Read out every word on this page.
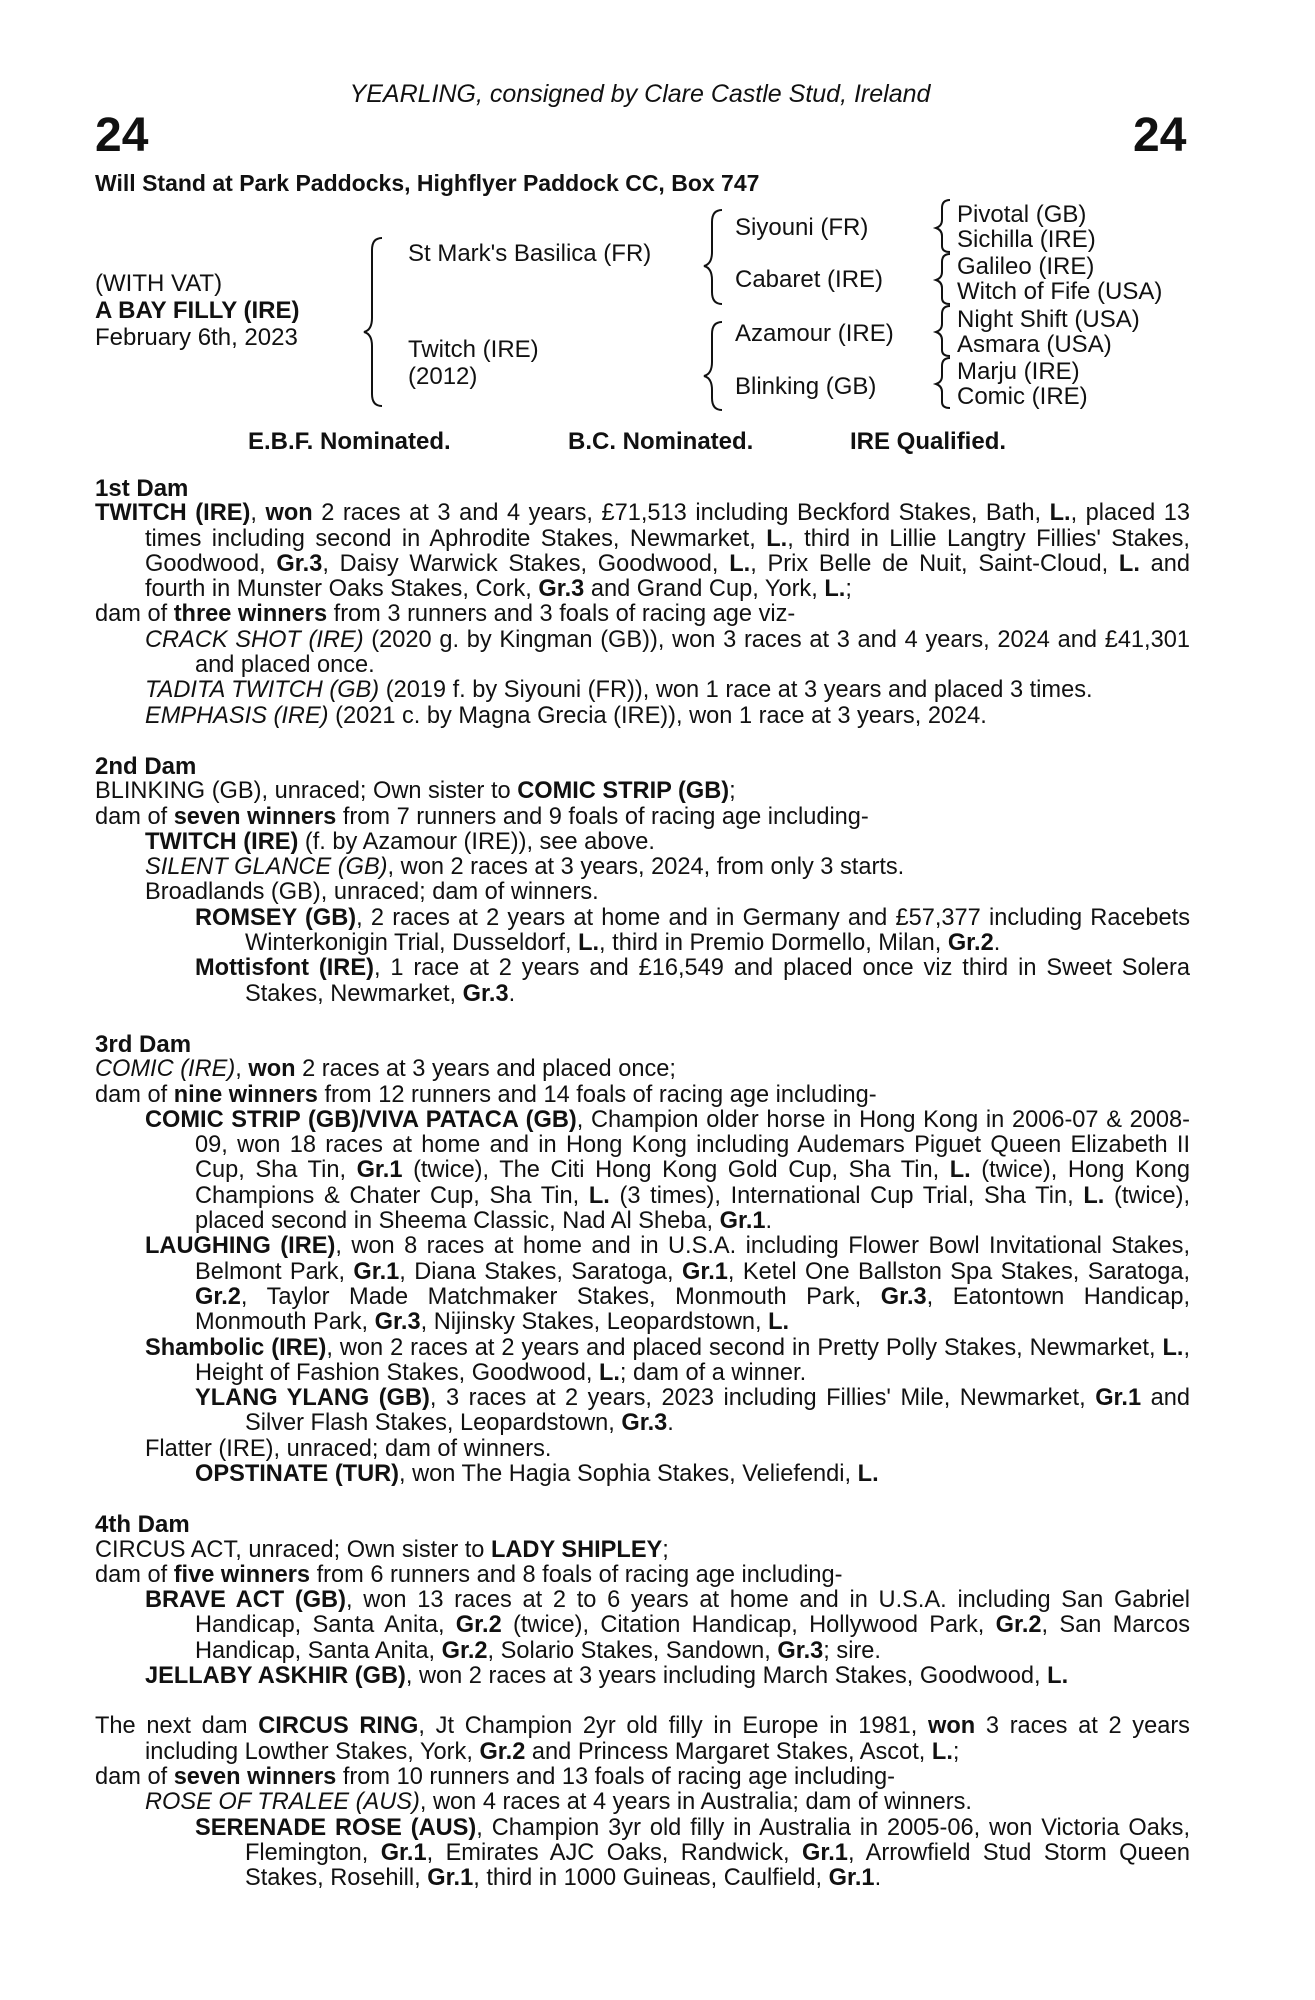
YEARLING, consigned by Clare Castle Stud, Ireland
24	24
Will Stand at Park Paddocks, Highflyer Paddock CC, Box 747
(WITH VAT)
A BAY FILLY (IRE)
February 6th, 2023
St Mark's Basilica (FR)
Twitch (IRE)
(2012)
Siyouni (FR)
Cabaret (IRE)
Azamour (IRE)
Blinking (GB)
Pivotal (GB)
Sichilla (IRE)
Galileo (IRE)
Witch of Fife (USA)
Night Shift (USA)
Asmara (USA)
Marju (IRE)
Comic (IRE)
E.B.F. Nominated.	B.C. Nominated.	IRE Qualified.
1st Dam

TWITCH (IRE), won 2 races at 3 and 4 years, £71,513 including Beckford Stakes, Bath, L., placed 13 times including second in Aphrodite Stakes, Newmarket, L., third in Lillie Langtry Fillies' Stakes, Goodwood, Gr.3, Daisy Warwick Stakes, Goodwood, L., Prix Belle de Nuit, Saint-Cloud, L. and fourth in Munster Oaks Stakes, Cork, Gr.3 and Grand Cup, York, L.;

dam of three winners from 3 runners and 3 foals of racing age viz-

CRACK SHOT (IRE) (2020 g. by Kingman (GB)), won 3 races at 3 and 4 years, 2024 and £41,301 and placed once.

TADITA TWITCH (GB) (2019 f. by Siyouni (FR)), won 1 race at 3 years and placed 3 times.

EMPHASIS (IRE) (2021 c. by Magna Grecia (IRE)), won 1 race at 3 years, 2024.

2nd Dam

BLINKING (GB), unraced; Own sister to COMIC STRIP (GB);

dam of seven winners from 7 runners and 9 foals of racing age including-

TWITCH (IRE) (f. by Azamour (IRE)), see above.

SILENT GLANCE (GB), won 2 races at 3 years, 2024, from only 3 starts.

Broadlands (GB), unraced; dam of winners.

ROMSEY (GB), 2 races at 2 years at home and in Germany and £57,377 including Racebets Winterkonigin Trial, Dusseldorf, L., third in Premio Dormello, Milan, Gr.2.

Mottisfont (IRE), 1 race at 2 years and £16,549 and placed once viz third in Sweet Solera Stakes, Newmarket, Gr.3.

3rd Dam

COMIC (IRE), won 2 races at 3 years and placed once;

dam of nine winners from 12 runners and 14 foals of racing age including-

COMIC STRIP (GB)/VIVA PATACA (GB), Champion older horse in Hong Kong in 2006-07 & 2008-09, won 18 races at home and in Hong Kong including Audemars Piguet Queen Elizabeth II Cup, Sha Tin, Gr.1 (twice), The Citi Hong Kong Gold Cup, Sha Tin, L. (twice), Hong Kong Champions & Chater Cup, Sha Tin, L. (3 times), International Cup Trial, Sha Tin, L. (twice), placed second in Sheema Classic, Nad Al Sheba, Gr.1.

LAUGHING (IRE), won 8 races at home and in U.S.A. including Flower Bowl Invitational Stakes, Belmont Park, Gr.1, Diana Stakes, Saratoga, Gr.1, Ketel One Ballston Spa Stakes, Saratoga, Gr.2, Taylor Made Matchmaker Stakes, Monmouth Park, Gr.3, Eatontown Handicap, Monmouth Park, Gr.3, Nijinsky Stakes, Leopardstown, L.

Shambolic (IRE), won 2 races at 2 years and placed second in Pretty Polly Stakes, Newmarket, L., Height of Fashion Stakes, Goodwood, L.; dam of a winner.

YLANG YLANG (GB), 3 races at 2 years, 2023 including Fillies' Mile, Newmarket, Gr.1 and Silver Flash Stakes, Leopardstown, Gr.3.

Flatter (IRE), unraced; dam of winners.

OPSTINATE (TUR), won The Hagia Sophia Stakes, Veliefendi, L.

4th Dam

CIRCUS ACT, unraced; Own sister to LADY SHIPLEY;

dam of five winners from 6 runners and 8 foals of racing age including-

BRAVE ACT (GB), won 13 races at 2 to 6 years at home and in U.S.A. including San Gabriel Handicap, Santa Anita, Gr.2 (twice), Citation Handicap, Hollywood Park, Gr.2, San Marcos Handicap, Santa Anita, Gr.2, Solario Stakes, Sandown, Gr.3; sire.

JELLABY ASKHIR (GB), won 2 races at 3 years including March Stakes, Goodwood, L.

The next dam CIRCUS RING, Jt Champion 2yr old filly in Europe in 1981, won 3 races at 2 years including Lowther Stakes, York, Gr.2 and Princess Margaret Stakes, Ascot, L.;

dam of seven winners from 10 runners and 13 foals of racing age including-

ROSE OF TRALEE (AUS), won 4 races at 4 years in Australia; dam of winners.

SERENADE ROSE (AUS), Champion 3yr old filly in Australia in 2005-06, won Victoria Oaks, Flemington, Gr.1, Emirates AJC Oaks, Randwick, Gr.1, Arrowfield Stud Storm Queen Stakes, Rosehill, Gr.1, third in 1000 Guineas, Caulfield, Gr.1.
